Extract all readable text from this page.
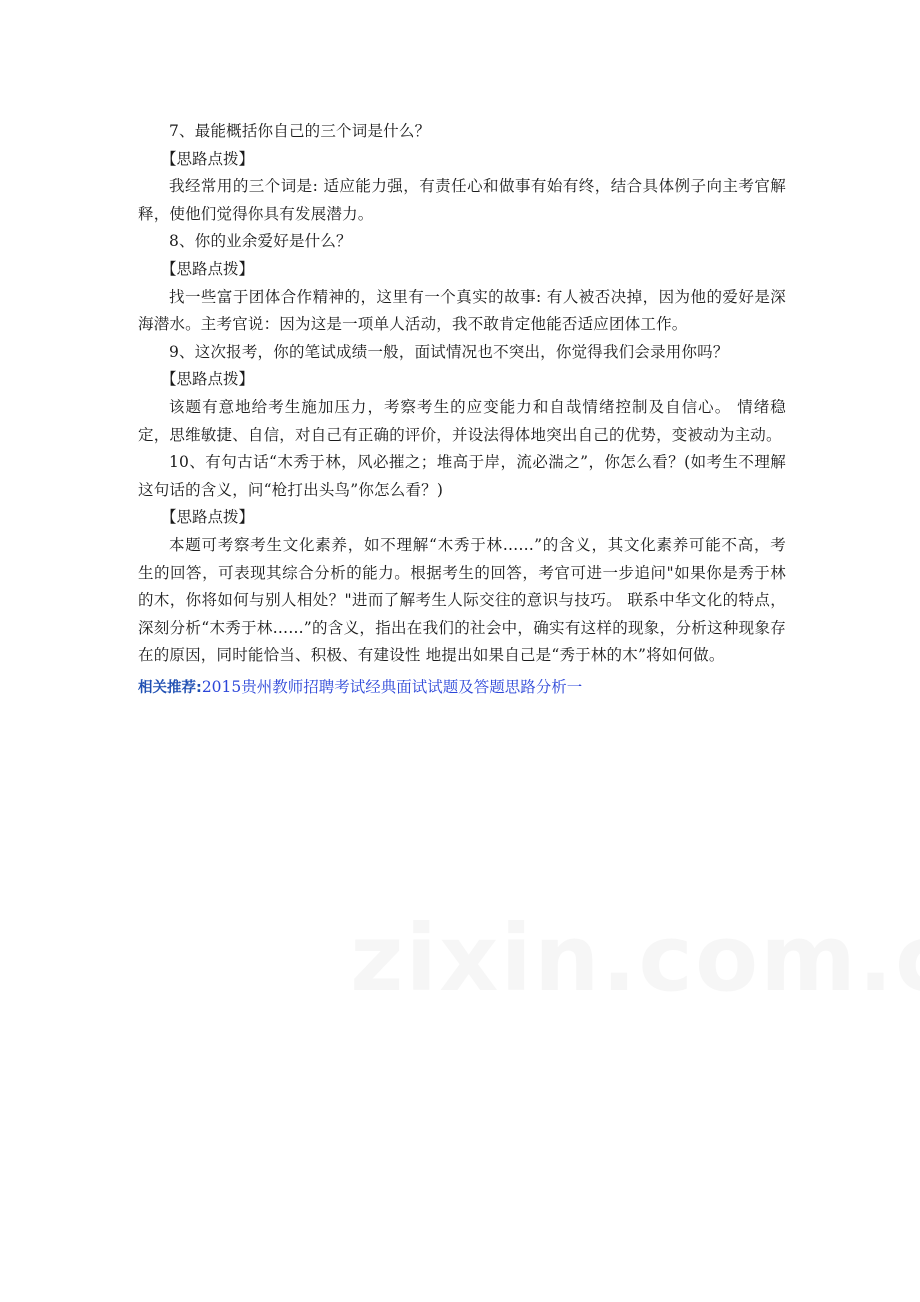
7、最能概括你自己的三个词是什么？

【思路点拨】

我经常用的三个词是: 适应能力强，有责任心和做事有始有终，结合具体例子向主考官解释，使他们觉得你具有发展潜力。

8、你的业余爱好是什么？

【思路点拨】

找一些富于团体合作精神的，这里有一个真实的故事: 有人被否决掉，因为他的爱好是深海潜水。主考官说：因为这是一项单人活动，我不敢肯定他能否适应团体工作。

9、这次报考，你的笔试成绩一般，面试情况也不突出，你觉得我们会录用你吗？

【思路点拨】

该题有意地给考生施加压力，考察考生的应变能力和自哉情绪控制及自信心。 情绪稳定，思维敏捷、自信，对自己有正确的评价，并设法得体地突出自己的优势，变被动为主动。

10、有句古话“木秀于林，风必摧之；堆高于岸，流必湍之”，你怎么看？(如考生不理解这句话的含义，问“枪打出头鸟”你怎么看？)

【思路点拨】

本题可考察考生文化素养，如不理解“木秀于林……”的含义，其文化素养可能不高，考 生的回答，可表现其综合分析的能力。根据考生的回答，考官可进一步追问"如果你是秀于林的木，你将如何与别人相处？"进而了解考生人际交往的意识与技巧。 联系中华文化的特点，深刻分析“木秀于林…...”的含义，指出在我们的社会中，确实有这样的现象，分析这种现象存在的原因，同时能恰当、积极、有建设性 地提出如果自己是“秀于林的木”将如何做。

相关推荐:2015贵州教师招聘考试经典面试试题及答题思路分析一
